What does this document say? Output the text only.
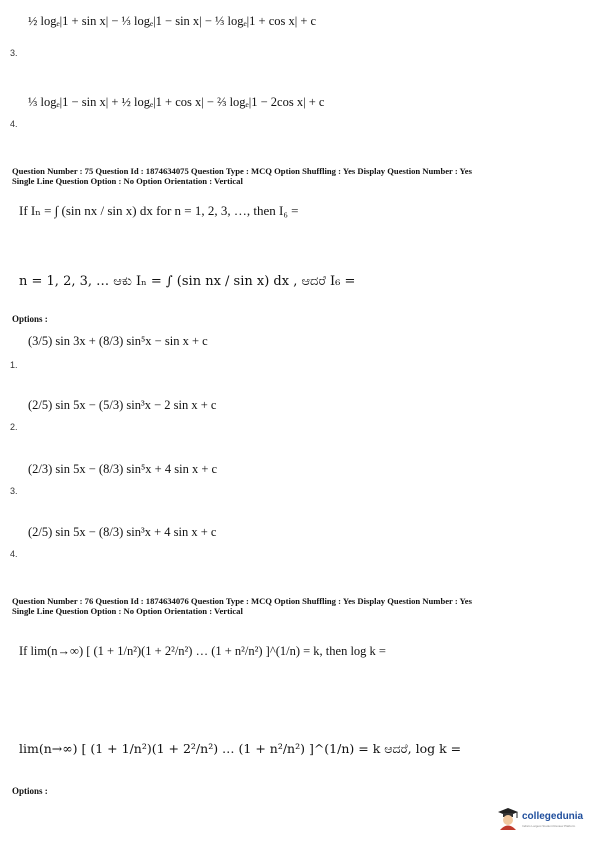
½ logₑ|1 + sin x| − ⅓ logₑ|1 − sin x| − ⅓ logₑ|1 + cos x| + c
3.
⅓ logₑ|1 − sin x| + ½ logₑ|1 + cos x| − ⅔ logₑ|1 − 2cos x| + c
4.
Question Number : 75 Question Id : 1874634075 Question Type : MCQ Option Shuffling : Yes Display Question Number : Yes
Single Line Question Option : No Option Orientation : Vertical
If Iₙ = ∫ (sin nx / sin x) dx for n = 1, 2, 3, …, then I₆ =
n = 1, 2, 3, … ಆಕು Iₙ = ∫ (sin nx / sin x) dx , ಆದರೆ I₆ =
Options :
(3/5) sin 3x + (8/3) sin⁵x − sin x + c
1.
(2/5) sin 5x − (5/3) sin³x − 2 sin x + c
2.
(2/3) sin 5x − (8/3) sin⁵x + 4 sin x + c
3.
(2/5) sin 5x − (8/3) sin³x + 4 sin x + c
4.
Question Number : 76 Question Id : 1874634076 Question Type : MCQ Option Shuffling : Yes Display Question Number : Yes
Single Line Question Option : No Option Orientation : Vertical
If lim(n→∞) [ (1 + 1/n²)(1 + 2²/n²) … (1 + n²/n²) ]^(1/n) = k, then log k =
lim(n→∞) [ (1 + 1/n²)(1 + 2²/n²) … (1 + n²/n²) ]^(1/n) = k ಆದರೆ, log k =
Options :
collegedunia
India's Largest Student Review Platform
